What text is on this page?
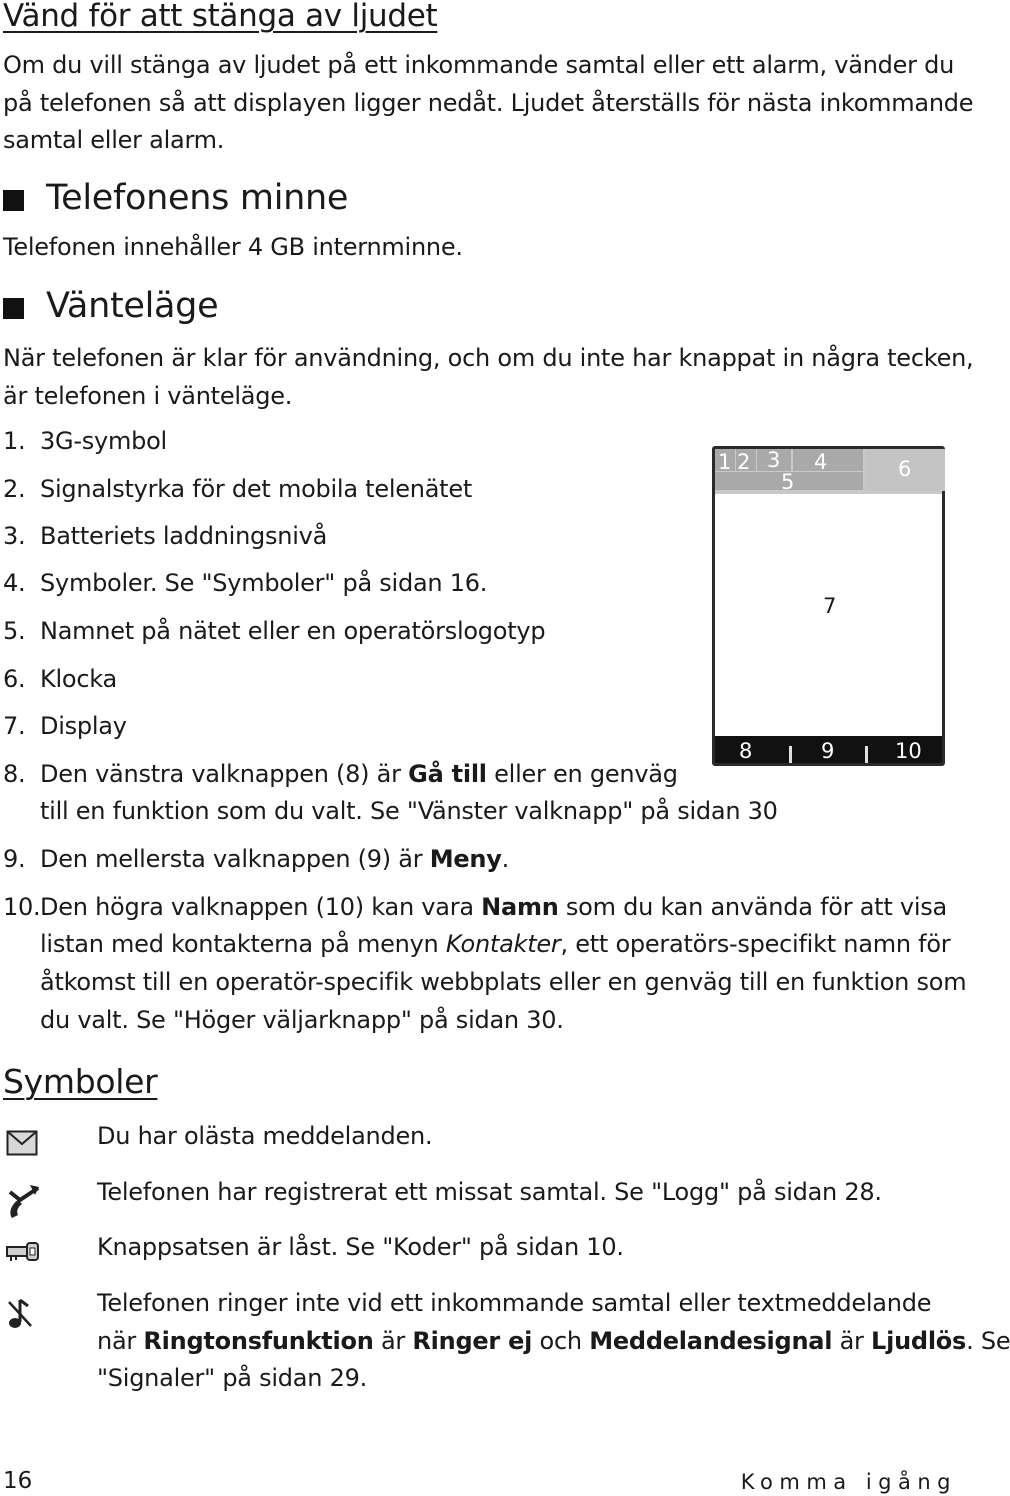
Vänd för att stänga av ljudet
Om du vill stänga av ljudet på ett inkommande samtal eller ett alarm, vänder du
på telefonen så att displayen ligger nedåt. Ljudet återställs för nästa inkommande
samtal eller alarm.
Telefonens minne
Telefonen innehåller 4 GB internminne.
Vänteläge
När telefonen är klar för användning, och om du inte har knappat in några tecken,
är telefonen i vänteläge.
1. 3G-symbol
2. Signalstyrka för det mobila telenätet
3. Batteriets laddningsnivå
4. Symboler. Se "Symboler" på sidan 16.
5. Namnet på nätet eller en operatörslogotyp
6. Klocka
7. Display
8. Den vänstra valknappen (8) är Gå till eller en genväg
till en funktion som du valt. Se "Vänster valknapp" på sidan 30
9. Den mellersta valknappen (9) är Meny.
10. Den högra valknappen (10) kan vara Namn som du kan använda för att visa
listan med kontakterna på menyn Kontakter, ett operatörs-specifikt namn för
åtkomst till en operatör-specifik webbplats eller en genväg till en funktion som
du valt. Se "Höger väljarknapp" på sidan 30.
1 2 3 4
5
6
7
8	9	10
Symboler
Du har olästa meddelanden.
Telefonen har registrerat ett missat samtal. Se "Logg" på sidan 28.
Knappsatsen är låst. Se "Koder" på sidan 10.
Telefonen ringer inte vid ett inkommande samtal eller textmeddelande
när Ringtonsfunktion är Ringer ej och Meddelandesignal är Ljudlös. Se
"Signaler" på sidan 29.
16	Komma igång
